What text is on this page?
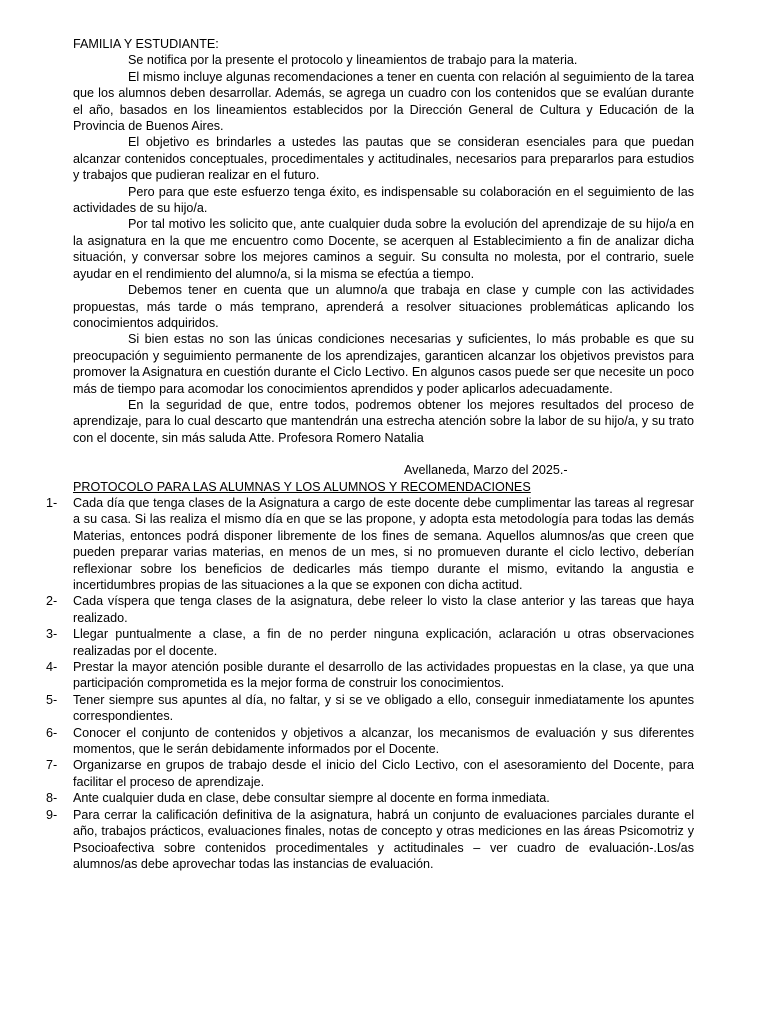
FAMILIA Y ESTUDIANTE:

Se notifica por la presente el protocolo y lineamientos de trabajo para la materia.

El mismo incluye algunas recomendaciones a tener en cuenta con relación al seguimiento de la tarea que los alumnos deben desarrollar. Además, se agrega un cuadro con los contenidos que se evalúan durante el año, basados en los lineamientos establecidos por la Dirección General de Cultura y Educación de la Provincia de Buenos Aires.

El objetivo es brindarles a ustedes las pautas que se consideran esenciales para que puedan alcanzar contenidos conceptuales, procedimentales y actitudinales, necesarios para prepararlos para estudios y trabajos que pudieran realizar en el futuro.

Pero para que este esfuerzo tenga éxito, es indispensable su colaboración en el seguimiento de las actividades de su hijo/a.

Por tal motivo les solicito que, ante cualquier duda sobre la evolución del aprendizaje de su hijo/a en la asignatura en la que me encuentro como Docente, se acerquen al Establecimiento a fin de analizar dicha situación, y conversar sobre los mejores caminos a seguir. Su consulta no molesta, por el contrario, suele ayudar en el rendimiento del alumno/a, si la misma se efectúa a tiempo.

Debemos tener en cuenta que un alumno/a que trabaja en clase y cumple con las actividades propuestas, más tarde o más temprano, aprenderá a resolver situaciones problemáticas aplicando los conocimientos adquiridos.

Si bien estas no son las únicas condiciones necesarias y suficientes, lo más probable es que su preocupación y seguimiento permanente de los aprendizajes, garanticen alcanzar los objetivos previstos para promover la Asignatura en cuestión durante el Ciclo Lectivo. En algunos casos puede ser que necesite un poco más de tiempo para acomodar los conocimientos aprendidos y poder aplicarlos adecuadamente.

En la seguridad de que, entre todos, podremos obtener los mejores resultados del proceso de aprendizaje, para lo cual descarto que mantendrán una estrecha atención sobre la labor de su hijo/a, y su trato con el docente, sin más saluda Atte. Profesora Romero Natalia

Avellaneda, Marzo del 2025.-

PROTOCOLO PARA LAS ALUMNAS Y LOS ALUMNOS Y RECOMENDACIONES

1-	Cada día que tenga clases de la Asignatura a cargo de este docente debe cumplimentar las tareas al regresar a su casa. Si las realiza el mismo día en que se las propone, y adopta esta metodología para todas las demás Materias, entonces podrá disponer libremente de los fines de semana. Aquellos alumnos/as que creen que pueden preparar varias materias, en menos de un mes, si no promueven durante el ciclo lectivo, deberían reflexionar sobre los beneficios de dedicarles más tiempo durante el mismo, evitando la angustia e incertidumbres propias de las situaciones a la que se exponen con dicha actitud.
2-	Cada víspera que tenga clases de la asignatura, debe releer lo visto la clase anterior y las tareas que haya realizado.
3-	Llegar puntualmente a clase, a fin de no perder ninguna explicación, aclaración u otras observaciones realizadas por el docente.
4-	Prestar la mayor atención posible durante el desarrollo de las actividades propuestas en la clase, ya que una participación comprometida es la mejor forma de construir los conocimientos.
5-	Tener siempre sus apuntes al día, no faltar, y si se ve obligado a ello, conseguir inmediatamente los apuntes correspondientes.
6-	Conocer el conjunto de contenidos y objetivos a alcanzar, los mecanismos de evaluación y sus diferentes momentos, que le serán debidamente informados por el Docente.
7-	Organizarse en grupos de trabajo desde el inicio del Ciclo Lectivo, con el asesoramiento del Docente, para facilitar el proceso de aprendizaje.
8-	Ante cualquier duda en clase, debe consultar siempre al docente en forma inmediata.
9-	Para cerrar la calificación definitiva de la asignatura, habrá un conjunto de evaluaciones parciales durante el año, trabajos prácticos, evaluaciones finales, notas de concepto y otras mediciones en las áreas Psicomotriz y Psocioafectiva sobre contenidos procedimentales y actitudinales – ver cuadro de evaluación-.Los/as alumnos/as debe aprovechar todas las instancias de evaluación.
